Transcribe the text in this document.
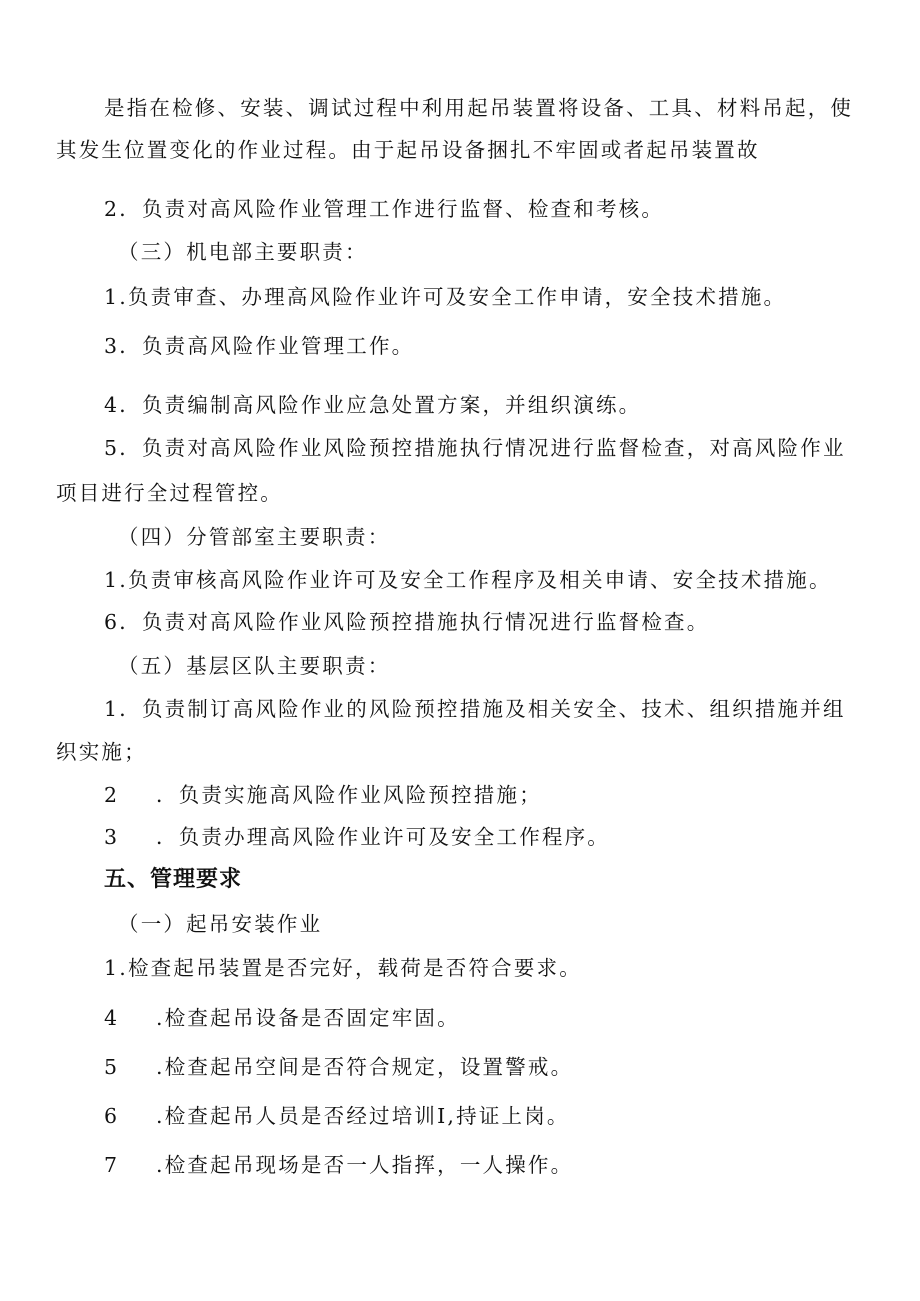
是指在检修、安装、调试过程中利用起吊装置将设备、工具、材料吊起，使
其发生位置变化的作业过程。由于起吊设备捆扎不牢固或者起吊装置故
2．负责对高风险作业管理工作进行监督、检查和考核。
（三）机电部主要职责：
1.负责审查、办理高风险作业许可及安全工作申请，安全技术措施。
3．负责高风险作业管理工作。
4．负责编制高风险作业应急处置方案，并组织演练。
5．负责对高风险作业风险预控措施执行情况进行监督检查，对高风险作业
项目进行全过程管控。
（四）分管部室主要职责：
1.负责审核高风险作业许可及安全工作程序及相关申请、安全技术措施。
6．负责对高风险作业风险预控措施执行情况进行监督检查。
（五）基层区队主要职责：
1．负责制订高风险作业的风险预控措施及相关安全、技术、组织措施并组
织实施；
2 ．负责实施高风险作业风险预控措施；
3 ．负责办理高风险作业许可及安全工作程序。
五、管理要求
（一）起吊安装作业
1.检查起吊装置是否完好，载荷是否符合要求。
4 .检查起吊设备是否固定牢固。
5 .检查起吊空间是否符合规定，设置警戒。
6 .检查起吊人员是否经过培训I,持证上岗。
7 .检查起吊现场是否一人指挥，一人操作。
